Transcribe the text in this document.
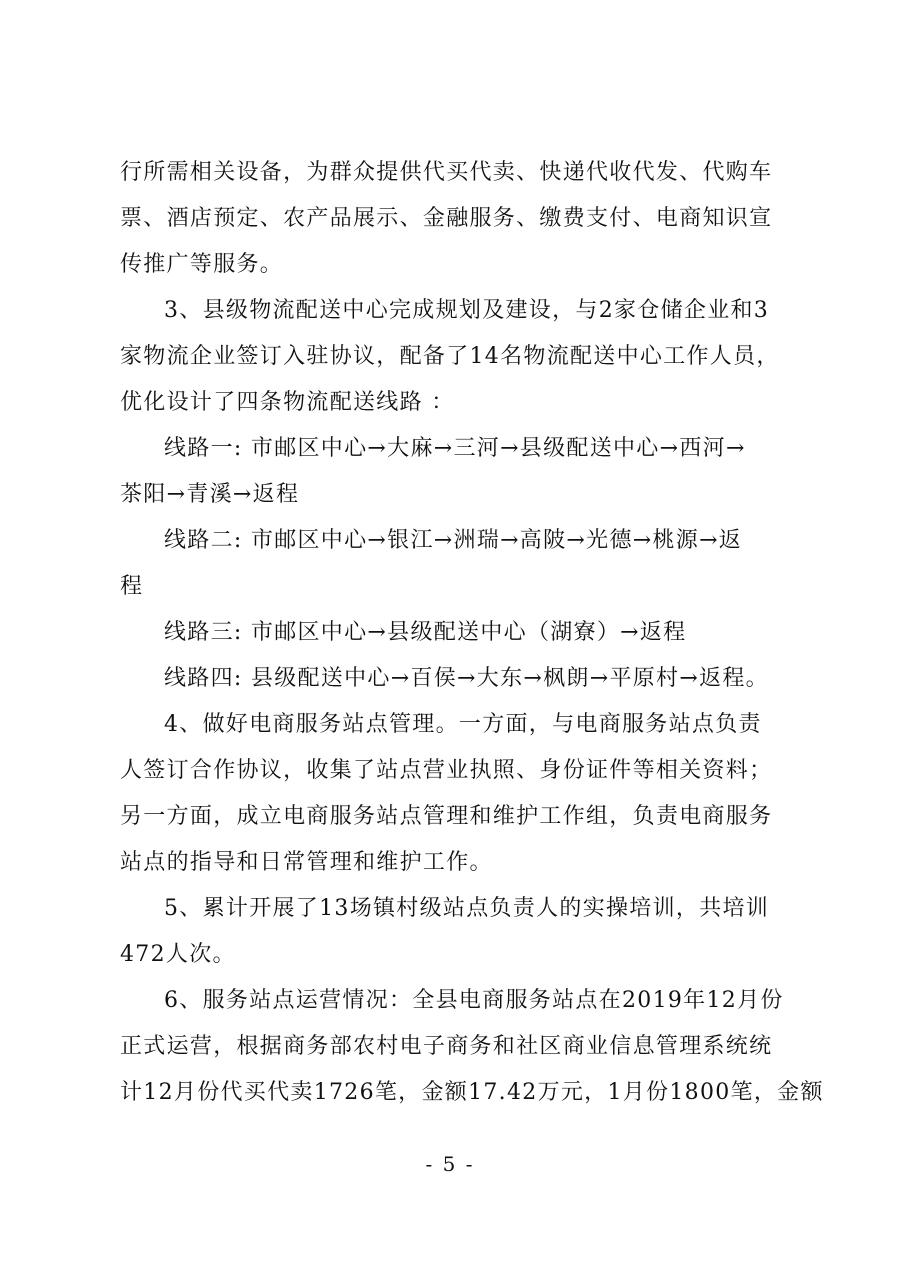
行所需相关设备，为群众提供代买代卖、快递代收代发、代购车
票、酒店预定、农产品展示、金融服务、缴费支付、电商知识宣
传推广等服务。
3、县级物流配送中心完成规划及建设，与2家仓储企业和3
家物流企业签订入驻协议，配备了14名物流配送中心工作人员，
优化设计了四条物流配送线路 ：
线路一: 市邮区中心→大麻→三河→县级配送中心→西河→
茶阳→青溪→返程
线路二: 市邮区中心→银江→洲瑞→高陂→光德→桃源→返
程
线路三: 市邮区中心→县级配送中心（湖寮）→返程
线路四: 县级配送中心→百侯→大东→枫朗→平原村→返程。
4、做好电商服务站点管理。一方面，与电商服务站点负责
人签订合作协议，收集了站点营业执照、身份证件等相关资料；
另一方面，成立电商服务站点管理和维护工作组，负责电商服务
站点的指导和日常管理和维护工作。
5、累计开展了13场镇村级站点负责人的实操培训，共培训
472人次。
6、服务站点运营情况：全县电商服务站点在2019年12月份
正式运营，根据商务部农村电子商务和社区商业信息管理系统统
计12月份代买代卖1726笔，金额17.42万元，1月份1800笔，金额
- 5 -
